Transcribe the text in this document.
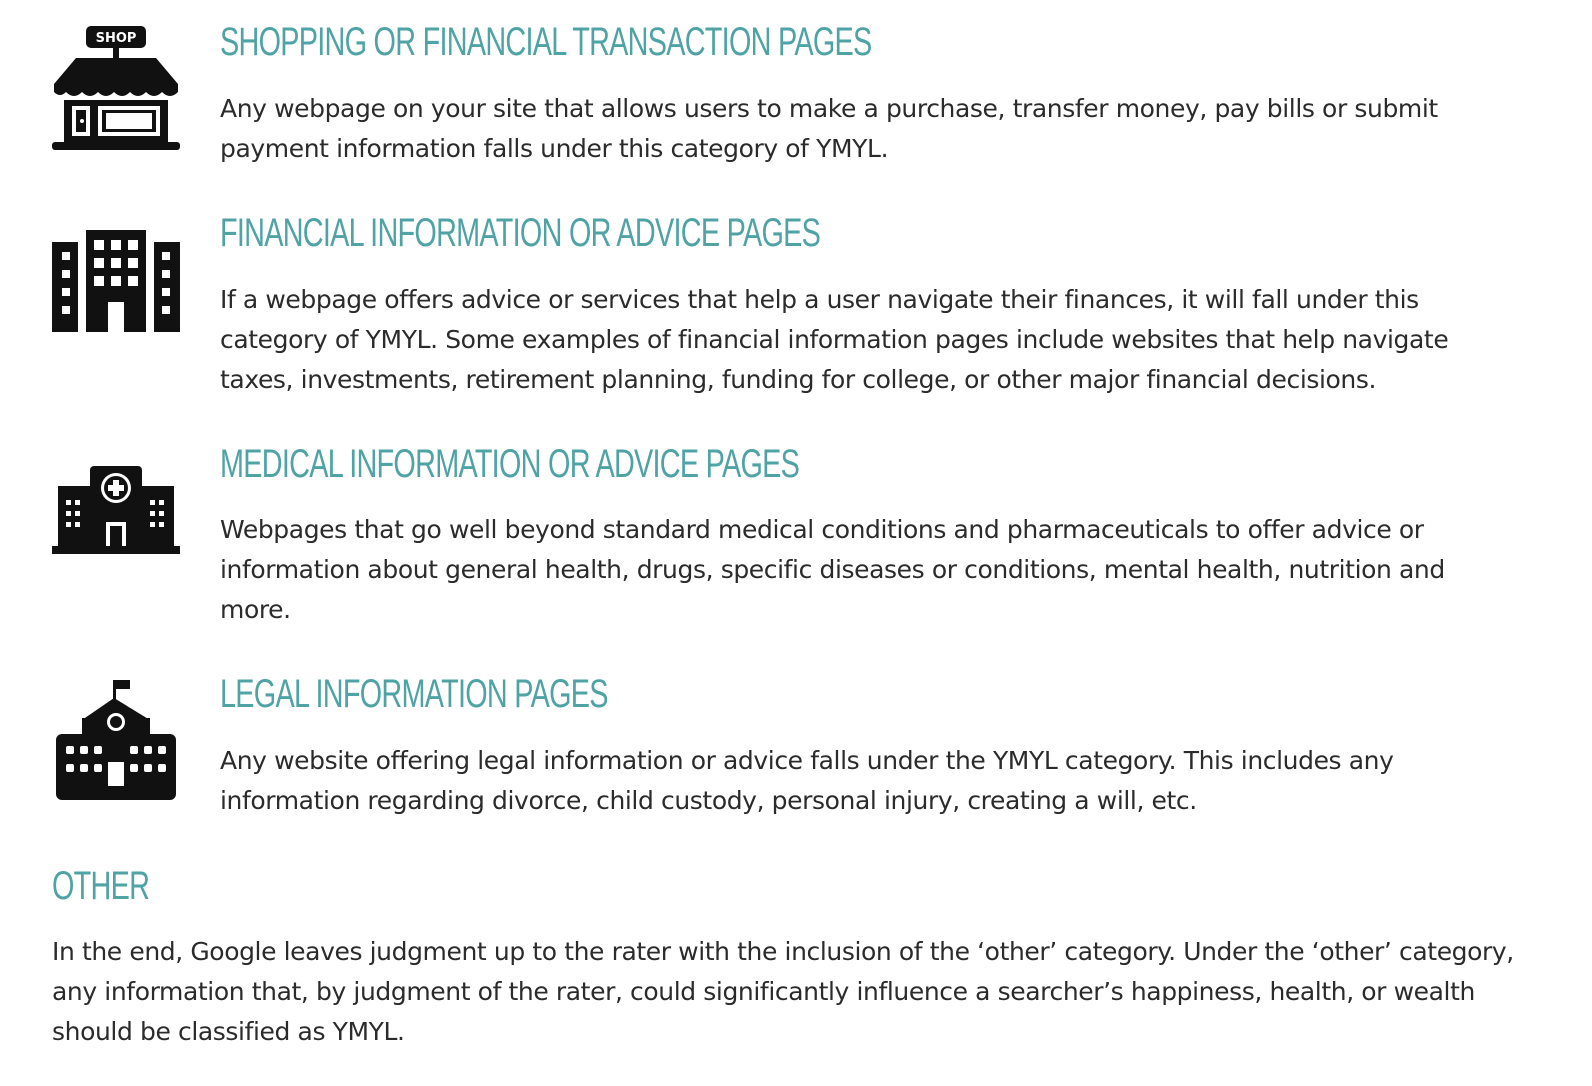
SHOP SHOPPING OR FINANCIAL TRANSACTION PAGES

Any webpage on your site that allows users to make a purchase, transfer money, pay bills or submit payment information falls under this category of YMYL.

FINANCIAL INFORMATION OR ADVICE PAGES

If a webpage offers advice or services that help a user navigate their finances, it will fall under this category of YMYL. Some examples of financial information pages include websites that help navigate taxes, investments, retirement planning, funding for college, or other major financial decisions.

MEDICAL INFORMATION OR ADVICE PAGES

Webpages that go well beyond standard medical conditions and pharmaceuticals to offer advice or information about general health, drugs, specific diseases or conditions, mental health, nutrition and more.

LEGAL INFORMATION PAGES

Any website offering legal information or advice falls under the YMYL category. This includes any information regarding divorce, child custody, personal injury, creating a will, etc.

OTHER

In the end, Google leaves judgment up to the rater with the inclusion of the ‘other’ category. Under the ‘other’ category, any information that, by judgment of the rater, could significantly influence a searcher’s happiness, health, or wealth should be classified as YMYL.
